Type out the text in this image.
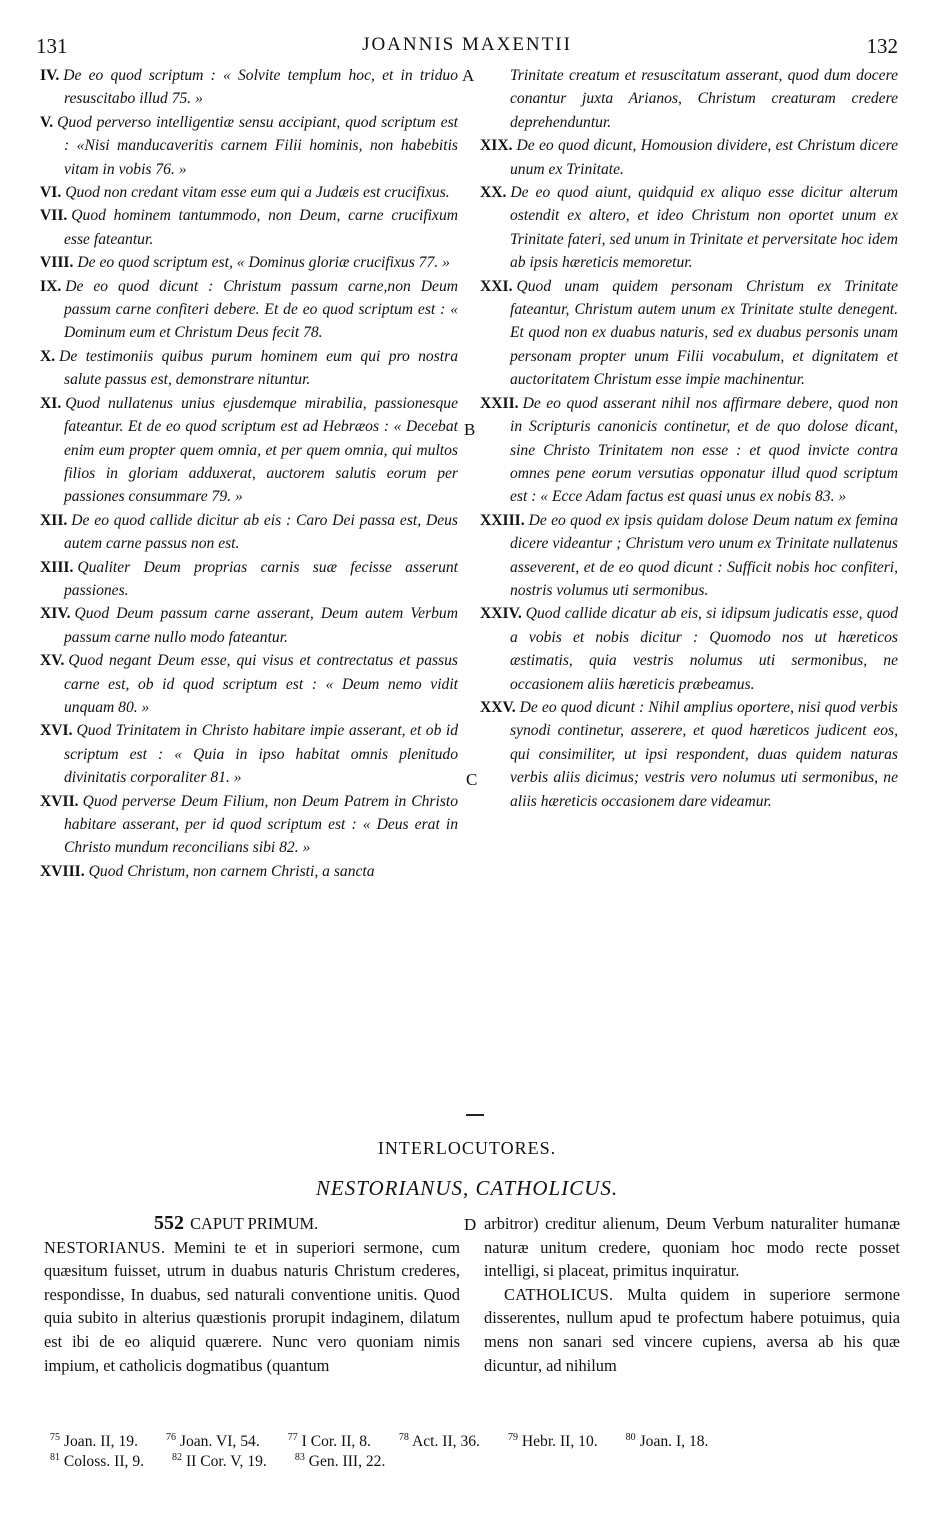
131	JOANNIS MAXENTII	132
A
B
C
D
IV. De eo quod scriptum : « Solvite templum hoc, et in triduo resuscitabo illud 75. »
V. Quod perverso intelligentiæ sensu accipiant, quod scriptum est : «Nisi manducaveritis carnem Filii hominis, non habebitis vitam in vobis 76. »
VI. Quod non credant vitam esse eum qui a Judæis est crucifixus.
VII. Quod hominem tantummodo, non Deum, carne crucifixum esse fateantur.
VIII. De eo quod scriptum est, « Dominus gloriæ crucifixus 77. »
IX. De eo quod dicunt : Christum passum carne,non Deum passum carne confiteri debere. Et de eo quod scriptum est : « Dominum eum et Christum Deus fecit 78.
X. De testimoniis quibus purum hominem eum qui pro nostra salute passus est, demonstrare nituntur.
XI. Quod nullatenus unius ejusdemque mirabilia, passionesque fateantur. Et de eo quod scriptum est ad Hebræos : « Decebat enim eum propter quem omnia, et per quem omnia, qui multos filios in gloriam adduxerat, auctorem salutis eorum per passiones consummare 79. »
XII. De eo quod callide dicitur ab eis : Caro Dei passa est, Deus autem carne passus non est.
XIII. Qualiter Deum proprias carnis suæ fecisse asserunt passiones.
XIV. Quod Deum passum carne asserant, Deum autem Verbum passum carne nullo modo fateantur.
XV. Quod negant Deum esse, qui visus et contrectatus et passus carne est, ob id quod scriptum est : « Deum nemo vidit unquam 80. »
XVI. Quod Trinitatem in Christo habitare impie asserant, et ob id scriptum est : « Quia in ipso habitat omnis plenitudo divinitatis corporaliter 81. »
XVII. Quod perverse Deum Filium, non Deum Patrem in Christo habitare asserant, per id quod scriptum est : « Deus erat in Christo mundum reconcilians sibi 82. »
XVIII. Quod Christum, non carnem Christi, a sancta
Trinitate creatum et resuscitatum asserant, quod dum docere conantur juxta Arianos, Christum creaturam credere deprehenduntur.
XIX. De eo quod dicunt, Homousion dividere, est Christum dicere unum ex Trinitate.
XX. De eo quod aiunt, quidquid ex aliquo esse dicitur alterum ostendit ex altero, et ideo Christum non oportet unum ex Trinitate fateri, sed unum in Trinitate et perversitate hoc idem ab ipsis hæreticis memoretur.
XXI. Quod unam quidem personam Christum ex Trinitate fateantur, Christum autem unum ex Trinitate stulte denegent. Et quod non ex duabus naturis, sed ex duabus personis unam personam propter unum Filii vocabulum, et dignitatem et auctoritatem Christum esse impie machinentur.
XXII. De eo quod asserant nihil nos affirmare debere, quod non in Scripturis canonicis continetur, et de quo dolose dicant, sine Christo Trinitatem non esse : et quod invicte contra omnes pene eorum versutias opponatur illud quod scriptum est : « Ecce Adam factus est quasi unus ex nobis 83. »
XXIII. De eo quod ex ipsis quidam dolose Deum natum ex femina dicere videantur ; Christum vero unum ex Trinitate nullatenus asseverent, et de eo quod dicunt : Sufficit nobis hoc confiteri, nostris volumus uti sermonibus.
XXIV. Quod callide dicatur ab eis, si idipsum judicatis esse, quod a vobis et nobis dicitur : Quomodo nos ut hæreticos æstimatis, quia vestris nolumus uti sermonibus, ne occasionem aliis hæreticis præbeamus.
XXV. De eo quod dicunt : Nihil amplius oportere, nisi quod verbis synodi continetur, asserere, et quod hæreticos judicent eos, qui consimiliter, ut ipsi respondent, duas quidem naturas verbis aliis dicimus; vestris vero nolumus uti sermonibus, ne aliis hæreticis occasionem dare videamur.
INTERLOCUTORES.
NESTORIANUS, CATHOLICUS.
552 CAPUT PRIMUM.
NESTORIANUS. Memini te et in superiori sermone, cum quæsitum fuisset, utrum in duabus naturis Christum crederes, respondisse, In duabus, sed naturali conventione unitis. Quod quia subito in alterius quæstionis prorupit indaginem, dilatum est ibi de eo aliquid quærere. Nunc vero quoniam nimis impium, et catholicis dogmatibus (quantum
arbitror) creditur alienum, Deum Verbum naturaliter humanæ naturæ unitum credere, quoniam hoc modo recte posset intelligi, si placeat, primitus inquiratur.
CATHOLICUS. Multa quidem in superiore sermone disserentes, nullum apud te profectum habere potuimus, quia mens non sanari sed vincere cupiens, aversa ab his quæ dicuntur, ad nihilum
$^{75}$ Joan. II, 19.	$^{76}$ Joan. VI, 54.	$^{77}$ I Cor. II, 8.	$^{78}$ Act. II, 36.	$^{79}$ Hebr. II, 10.	$^{80}$ Joan. I, 18.
$^{81}$ Coloss. II, 9.	$^{82}$ II Cor. V, 19.	$^{83}$ Gen. III, 22.
